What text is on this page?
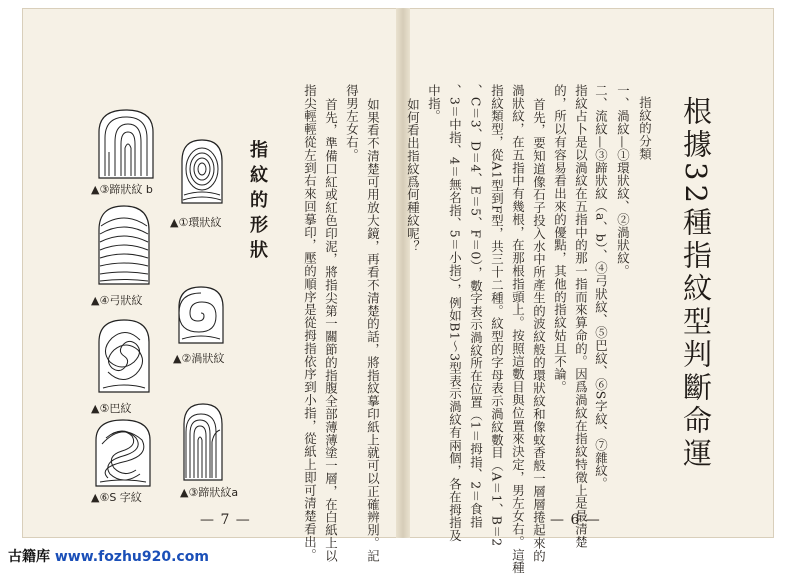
根據32種指紋型判斷命運
指紋的分類
一、渦紋—①環狀紋、②渦狀紋。
二、流紋—③蹄狀紋（a、b）、④弓狀紋、⑤巴紋、⑥S字紋、⑦雜紋。
指紋占卜是以渦紋在五指中的那一指而來算命的。因爲渦紋在指紋特徵上是最清楚
的，所以有容易看出來的優點，其他的指紋姑且不論。
首先，要知道像石子投入水中所產生的波紋般的環狀紋和像蚊香般一層層捲起來的
渦狀紋，在五指中有幾根，在那根指頭上。按照這數目與位置來決定，男左女右。這種
指紋類型，從A1型到F型，共三十二種。紋型的字母表示渦紋數目（A＝1、B＝2
、C＝3、D＝4、E＝5、F＝0），數字表示渦紋所在位置（1＝拇指、2＝食指
、3＝中指、4＝無名指、5＝小指），例如B1～3型表示渦紋有兩個，各在拇指及
中指。
如何看出指紋爲何種紋呢？
— 6 —
如果看不清楚可用放大鏡，再看不清楚的話，將指紋摹印紙上就可以正確辨別。記
得男左女右。
首先，準備口紅或紅色印泥，將指尖第一關節的指腹全部薄薄塗一層，在白紙上以
指尖輕輕從左到右來回摹印，壓的順序是從拇指依序到小指，從紙上即可清楚看出。
指紋的形狀
— 7 —
▲①環狀紋
▲②渦狀紋
▲③蹄狀紋a
▲③蹄狀紋 b
▲④弓狀紋
▲⑤巴紋
▲⑥S 字紋
古籍库 www.fozhu920.com
